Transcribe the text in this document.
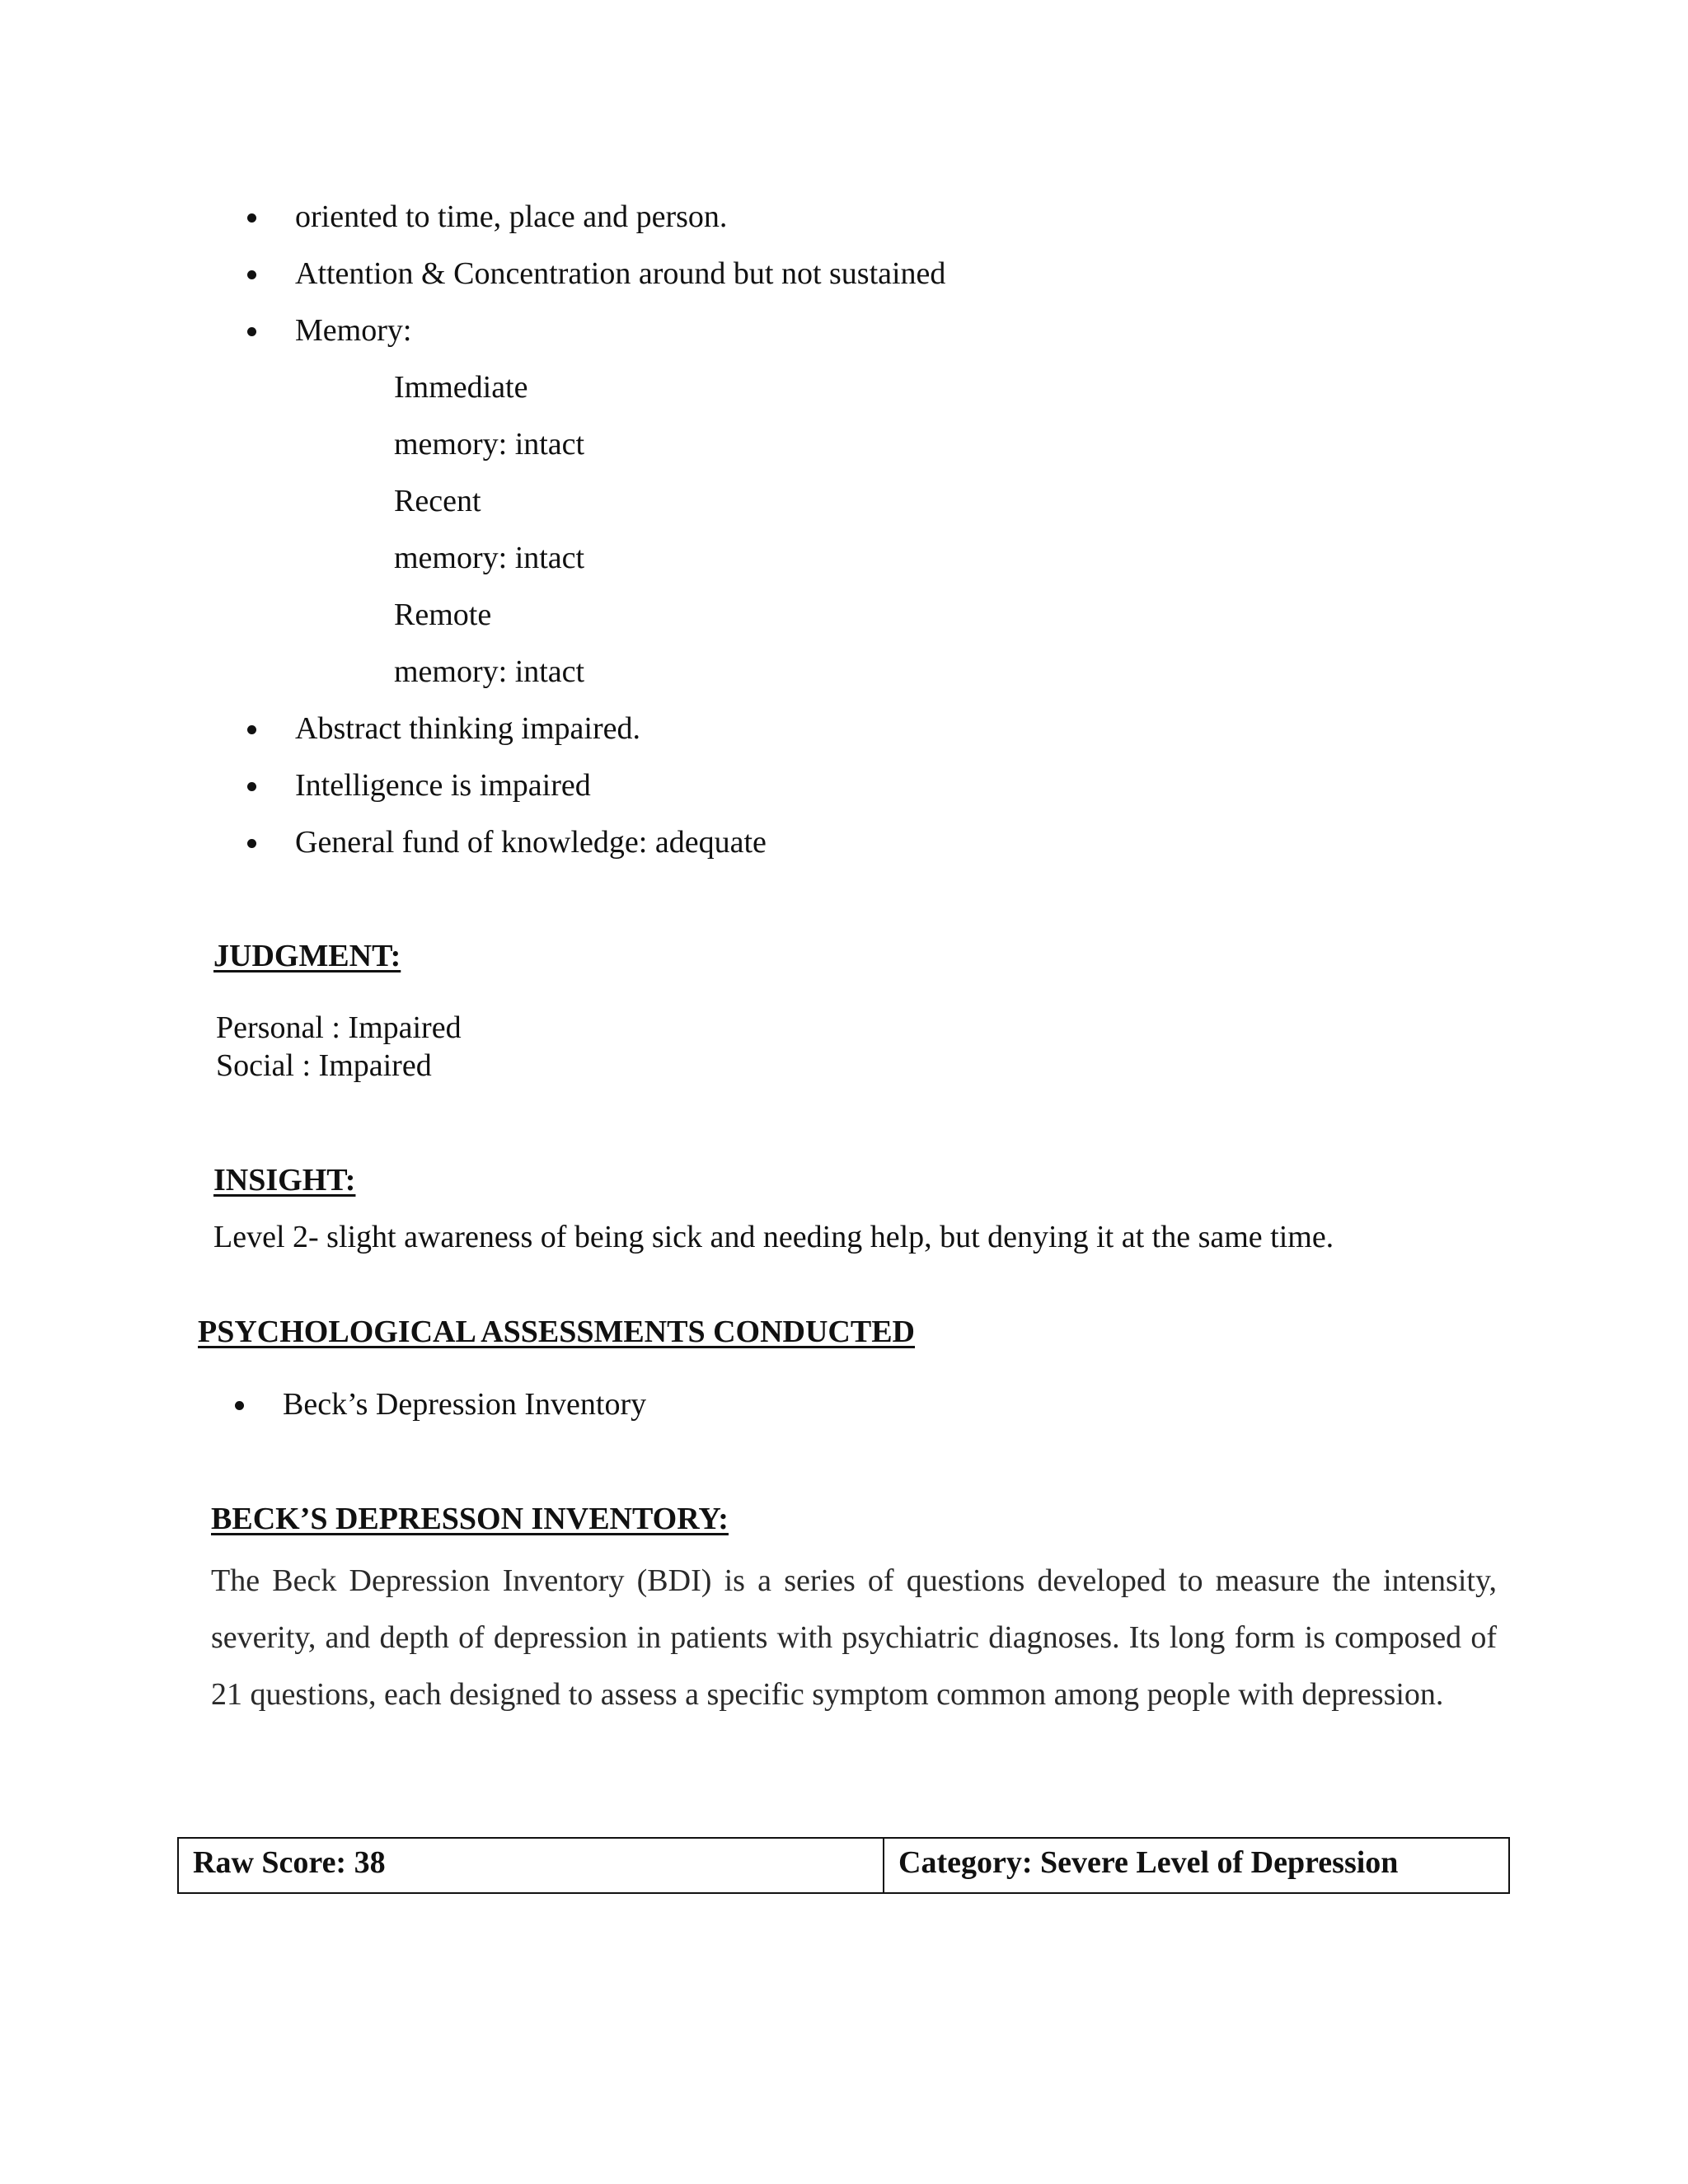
oriented to time, place and person.
Attention & Concentration around but not sustained
Memory:
Immediate
memory: intact
Recent
memory: intact
Remote
memory: intact
Abstract thinking impaired.
Intelligence is impaired
General fund of knowledge: adequate
JUDGMENT:
Personal : Impaired
Social : Impaired
INSIGHT:
Level 2- slight awareness of being sick and needing help, but denying it at the same time.
PSYCHOLOGICAL ASSESSMENTS CONDUCTED
Beck’s Depression Inventory
BECK’S DEPRESSON INVENTORY:
The Beck Depression Inventory (BDI) is a series of questions developed to measure the intensity, severity, and depth of depression in patients with psychiatric diagnoses. Its long form is composed of 21 questions, each designed to assess a specific symptom common among people with depression.
Raw Score: 38	Category: Severe Level of Depression
